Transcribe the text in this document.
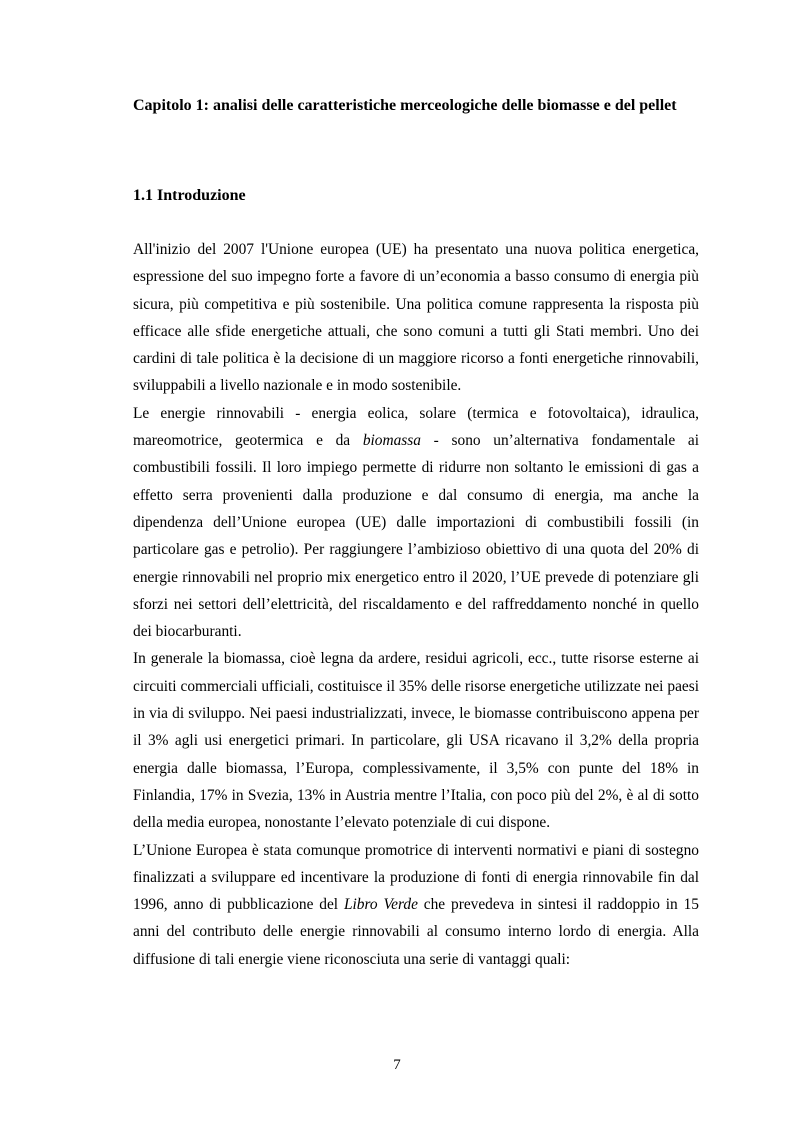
Capitolo 1: analisi delle caratteristiche merceologiche delle biomasse e del pellet
1.1 Introduzione

All'inizio del 2007 l'Unione europea (UE) ha presentato una nuova politica energetica, espressione del suo impegno forte a favore di un’economia a basso consumo di energia più sicura, più competitiva e più sostenibile. Una politica comune rappresenta la risposta più efficace alle sfide energetiche attuali, che sono comuni a tutti gli Stati membri. Uno dei cardini di tale politica è la decisione di un maggiore ricorso a fonti energetiche rinnovabili, sviluppabili a livello nazionale e in modo sostenibile.

Le energie rinnovabili - energia eolica, solare (termica e fotovoltaica), idraulica, mareomotrice, geotermica e da biomassa - sono un’alternativa fondamentale ai combustibili fossili. Il loro impiego permette di ridurre non soltanto le emissioni di gas a effetto serra provenienti dalla produzione e dal consumo di energia, ma anche la dipendenza dell’Unione europea (UE) dalle importazioni di combustibili fossili (in particolare gas e petrolio). Per raggiungere l’ambizioso obiettivo di una quota del 20% di energie rinnovabili nel proprio mix energetico entro il 2020, l’UE prevede di potenziare gli sforzi nei settori dell’elettricità, del riscaldamento e del raffreddamento nonché in quello dei biocarburanti.

In generale la biomassa, cioè legna da ardere, residui agricoli, ecc., tutte risorse esterne ai circuiti commerciali ufficiali, costituisce il 35% delle risorse energetiche utilizzate nei paesi in via di sviluppo. Nei paesi industrializzati, invece, le biomasse contribuiscono appena per il 3% agli usi energetici primari. In particolare, gli USA ricavano il 3,2% della propria energia dalle biomassa, l’Europa, complessivamente, il 3,5% con punte del 18% in Finlandia, 17% in Svezia, 13% in Austria mentre l’Italia, con poco più del 2%, è al di sotto della media europea, nonostante l’elevato potenziale di cui dispone.

L’Unione Europea è stata comunque promotrice di interventi normativi e piani di sostegno finalizzati a sviluppare ed incentivare la produzione di fonti di energia rinnovabile fin dal 1996, anno di pubblicazione del Libro Verde che prevedeva in sintesi il raddoppio in 15 anni del contributo delle energie rinnovabili al consumo interno lordo di energia. Alla diffusione di tali energie viene riconosciuta una serie di vantaggi quali:

7
